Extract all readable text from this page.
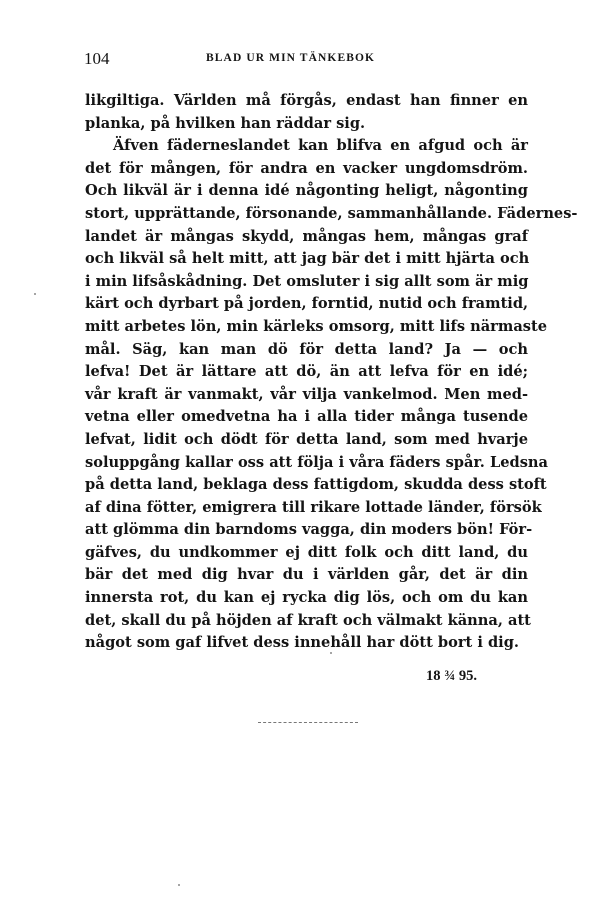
104	BLAD UR MIN TÄNKEBOK
likgiltiga. Världen må förgås, endast han finner en
planka, på hvilken han räddar sig.
Äfven fäderneslandet kan blifva en afgud och är
det för mången, för andra en vacker ungdomsdröm.
Och likväl är i denna idé någonting heligt, någonting
stort, upprättande, försonande, sammanhållande. Fädernes-
landet är mångas skydd, mångas hem, mångas graf
och likväl så helt mitt, att jag bär det i mitt hjärta och
i min lifsåskådning. Det omsluter i sig allt som är mig
kärt och dyrbart på jorden, forntid, nutid och framtid,
mitt arbetes lön, min kärleks omsorg, mitt lifs närmaste
mål. Säg, kan man dö för detta land? Ja — och
lefva! Det är lättare att dö, än att lefva för en idé;
vår kraft är vanmakt, vår vilja vankelmod. Men med-
vetna eller omedvetna ha i alla tider många tusende
lefvat, lidit och dödt för detta land, som med hvarje
soluppgång kallar oss att följa i våra fäders spår. Ledsna
på detta land, beklaga dess fattigdom, skudda dess stoft
af dina fötter, emigrera till rikare lottade länder, försök
att glömma din barndoms vagga, din moders bön! För-
gäfves, du undkommer ej ditt folk och ditt land, du
bär det med dig hvar du i världen går, det är din
innersta rot, du kan ej rycka dig lös, och om du kan
det, skall du på höjden af kraft och välmakt känna, att
något som gaf lifvet dess innehåll har dött bort i dig.
18 ¾ 95.
